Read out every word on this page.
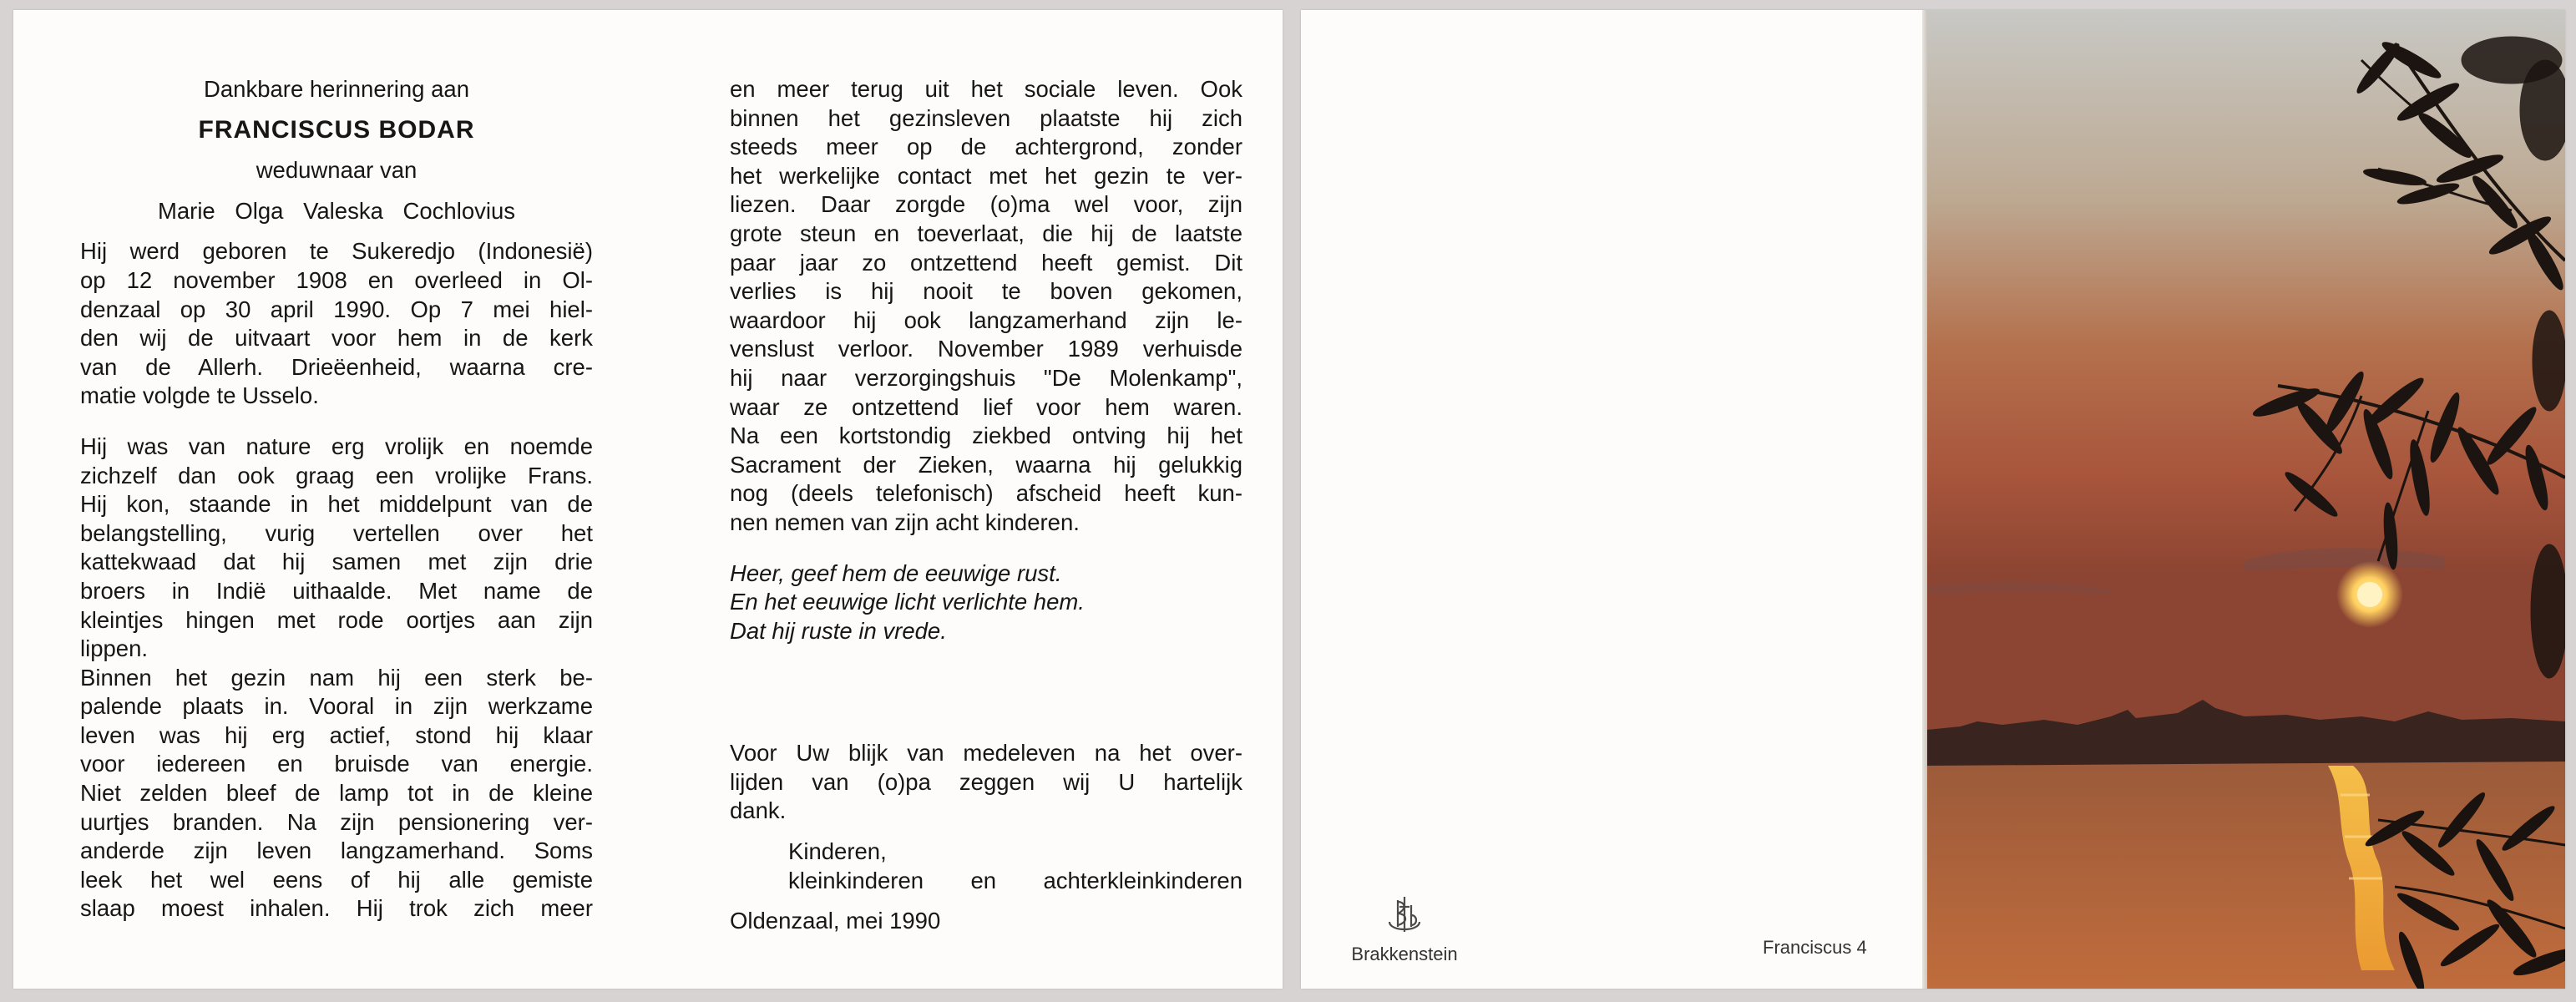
Dankbare herinnering aan

FRANCISCUS BODAR

weduwnaar van

Marie Olga Valeska Cochlovius

Hij werd geboren te Sukeredjo (Indonesië)

op 12 november 1908 en overleed in Ol-

denzaal op 30 april 1990. Op 7 mei hiel-

den wij de uitvaart voor hem in de kerk

van de Allerh. Drieëenheid, waarna cre-

matie volgde te Usselo.

Hij was van nature erg vrolijk en noemde

zichzelf dan ook graag een vrolijke Frans.

Hij kon, staande in het middelpunt van de

belangstelling, vurig vertellen over het

kattekwaad dat hij samen met zijn drie

broers in Indië uithaalde. Met name de

kleintjes hingen met rode oortjes aan zijn

lippen.

Binnen het gezin nam hij een sterk be-

palende plaats in. Vooral in zijn werkzame

leven was hij erg actief, stond hij klaar

voor iedereen en bruisde van energie.

Niet zelden bleef de lamp tot in de kleine

uurtjes branden. Na zijn pensionering ver-

anderde zijn leven langzamerhand. Soms

leek het wel eens of hij alle gemiste

slaap moest inhalen. Hij trok zich meer

en meer terug uit het sociale leven. Ook

binnen het gezinsleven plaatste hij zich

steeds meer op de achtergrond, zonder

het werkelijke contact met het gezin te ver-

liezen. Daar zorgde (o)ma wel voor, zijn

grote steun en toeverlaat, die hij de laatste

paar jaar zo ontzettend heeft gemist. Dit

verlies is hij nooit te boven gekomen,

waardoor hij ook langzamerhand zijn le-

venslust verloor. November 1989 verhuisde

hij naar verzorgingshuis "De Molenkamp",

waar ze ontzettend lief voor hem waren.

Na een kortstondig ziekbed ontving hij het

Sacrament der Zieken, waarna hij gelukkig

nog (deels telefonisch) afscheid heeft kun-

nen nemen van zijn acht kinderen.

Heer, geef hem de eeuwige rust.

En het eeuwige licht verlichte hem.

Dat hij ruste in vrede.

Voor Uw blijk van medeleven na het over-

lijden van (o)pa zeggen wij U hartelijk

dank.

Kinderen,

kleinkinderen en achterkleinkinderen

Oldenzaal, mei 1990

Brakkenstein	Franciscus 4
